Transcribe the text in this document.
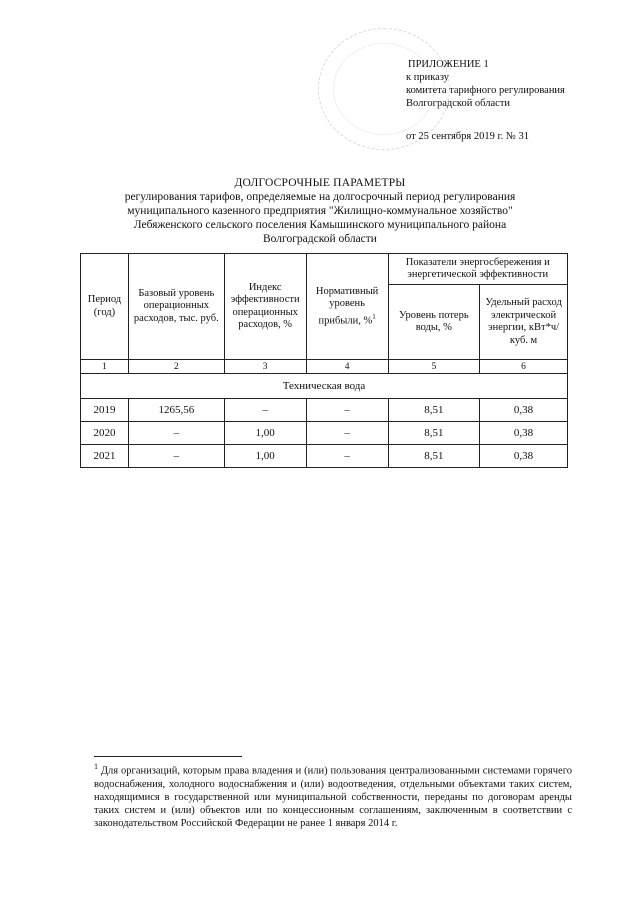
ПРИЛОЖЕНИЕ 1
к приказу
комитета тарифного регулирования
Волгоградской области
от 25 сентября 2019 г. № 31
ДОЛГОСРОЧНЫЕ ПАРАМЕТРЫ
регулирования тарифов, определяемые на долгосрочный период регулирования
муниципального казенного предприятия "Жилищно-коммунальное хозяйство"
Лебяженского сельского поселения Камышинского муниципального района
Волгоградской области
Период (год)	Базовый уровень операционных расходов, тыс. руб.	Индекс эффективности операционных расходов, %	Нормативный уровень прибыли, %$^1$	Показатели энергосбережения и энергетической эффективности	
				Уровень потерь воды, %	Удельный расход электрической энергии, кВт*ч/ куб. м
1	2	3	4	5	6
Техническая вода					
2019	1265,56	–	–	8,51	0,38
2020	–	1,00	–	8,51	0,38
2021	–	1,00	–	8,51	0,38
$^1$ Для организаций, которым права владения и (или) пользования централизованными системами горячего водоснабжения, холодного водоснабжения и (или) водоотведения, отдельными объектами таких систем, находящимися в государственной или муниципальной собственности, переданы по договорам аренды таких систем и (или) объектов или по концессионным соглашениям, заключенным в соответствии с законодательством Российской Федерации не ранее 1 января 2014 г.
